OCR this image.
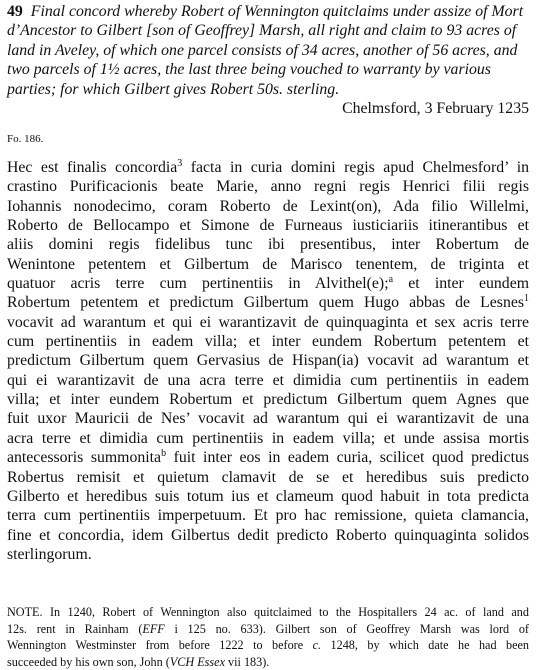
49 Final concord whereby Robert of Wennington quitclaims under assize of Mort d’Ancestor to Gilbert [son of Geoffrey] Marsh, all right and claim to 93 acres of land in Aveley, of which one parcel consists of 34 acres, another of 56 acres, and two parcels of 1½ acres, the last three being vouched to warranty by various parties; for which Gilbert gives Robert 50s. sterling.
Chelmsford, 3 February 1235
Fo. 186.
Hec est finalis concordia$^3$ facta in curia domini regis apud Chelmesford’ in
crastino Purificacionis beate Marie, anno regni regis Henrici filii regis
Iohannis nonodecimo, coram Roberto de Lexint(on), Ada filio Willelmi,
Roberto de Bellocampo et Simone de Furneaus iusticiariis itinerantibus et
aliis domini regis fidelibus tunc ibi presentibus, inter Robertum de
Wenintone petentem et Gilbertum de Marisco tenentem, de triginta et
quatuor acris terre cum pertinentiis in Alvithel(e);$^a$ et inter eundem
Robertum petentem et predictum Gilbertum quem Hugo abbas de Lesnes$^1$
vocavit ad warantum et qui ei warantizavit de quinquaginta et sex acris terre
cum pertinentiis in eadem villa; et inter eundem Robertum petentem et
predictum Gilbertum quem Gervasius de Hispan(ia) vocavit ad warantum et
qui ei warantizavit de una acra terre et dimidia cum pertinentiis in eadem
villa; et inter eundem Robertum et predictum Gilbertum quem Agnes que
fuit uxor Mauricii de Nes’ vocavit ad warantum qui ei warantizavit de una
acra terre et dimidia cum pertinentiis in eadem villa; et unde assisa mortis
antecessoris summonita$^b$ fuit inter eos in eadem curia, scilicet quod predictus
Robertus remisit et quietum clamavit de se et heredibus suis predicto
Gilberto et heredibus suis totum ius et clameum quod habuit in tota predicta
terra cum pertinentiis imperpetuum. Et pro hac remissione, quieta clamancia,
fine et concordia, idem Gilbertus dedit predicto Roberto quinquaginta solidos
sterlingorum.
NOTE. In 1240, Robert of Wennington also quitclaimed to the Hospitallers 24 ac. of land and
12s. rent in Rainham (EFF i 125 no. 633). Gilbert son of Geoffrey Marsh was lord of
Wennington Westminster from before 1222 to before c. 1248, by which date he had been
succeeded by his own son, John (VCH Essex vii 183).
